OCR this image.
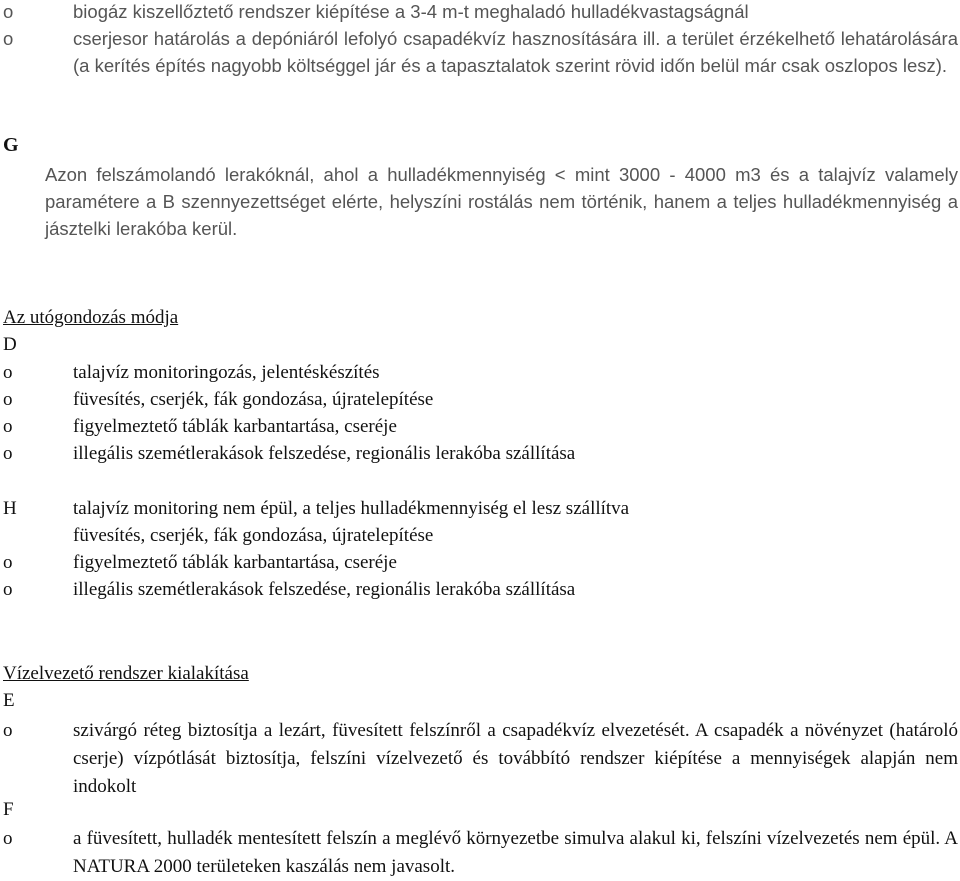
o	biogáz kiszellőztető rendszer kiépítése a 3-4 m-t meghaladó hulladékvastagságnál
o	cserjesor határolás a depóniáról lefolyó csapadékvíz hasznosítására ill. a terület érzékelhető lehatárolására (a kerítés építés nagyobb költséggel jár és a tapasztalatok szerint rövid időn belül már csak oszlopos lesz).
G
Azon felszámolandó lerakóknál, ahol a hulladékmennyiség < mint 3000 - 4000 m3 és a talajvíz valamely paramétere a B szennyezettséget elérte, helyszíni rostálás nem történik, hanem a teljes hulladékmennyiség a jásztelki lerakóba kerül.
Az utógondozás módja
D
o	talajvíz monitoringozás, jelentéskészítés
o	füvesítés, cserjék, fák gondozása, újratelepítése
o	figyelmeztető táblák karbantartása, cseréje
o	illegális szemétlerakások felszedése, regionális lerakóba szállítása
H	talajvíz monitoring nem épül, a teljes hulladékmennyiség el lesz szállítva
füvesítés, cserjék, fák gondozása, újratelepítése
o	figyelmeztető táblák karbantartása, cseréje
o	illegális szemétlerakások felszedése, regionális lerakóba szállítása
Vízelvezető rendszer kialakítása
E
o	szivárgó réteg biztosítja a lezárt, füvesített felszínről a csapadékvíz elvezetését. A csapadék a növényzet (határoló cserje) vízpótlását biztosítja, felszíni vízelvezető és továbbító rendszer kiépítése a mennyiségek alapján nem indokolt
F
o	a füvesített, hulladék mentesített felszín a meglévő környezetbe simulva alakul ki, felszíni vízelvezetés nem épül. A NATURA 2000 területeken kaszálás nem javasolt.
